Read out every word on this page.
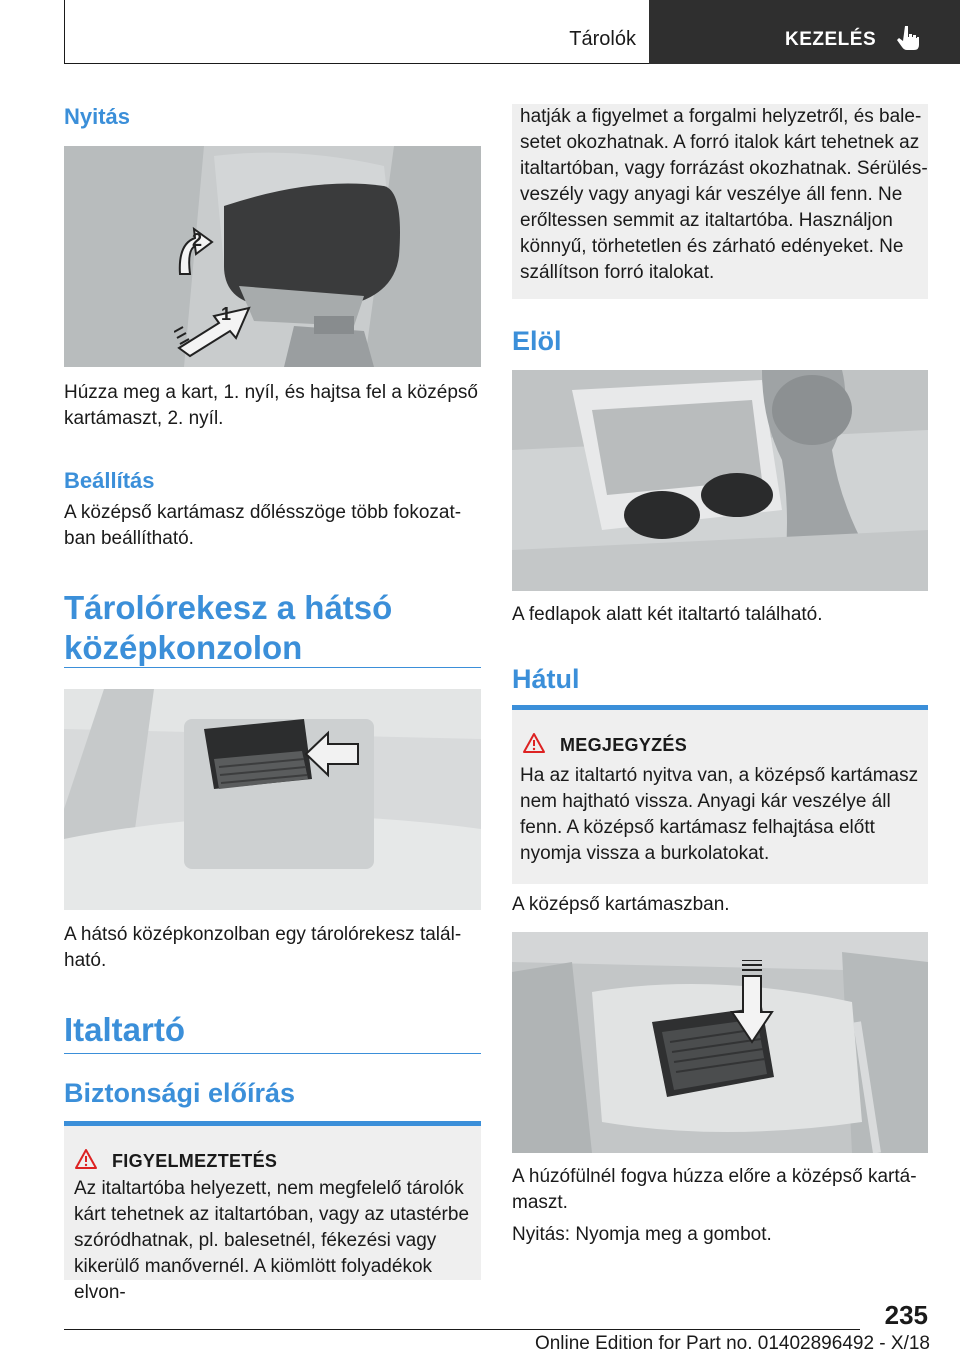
Tárolók	KEZELÉS
Nyitás
2
1
Húzza meg a kart, 1. nyíl, és hajtsa fel a középső kartámaszt, 2. nyíl.
Beállítás
A középső kartámasz dőlésszöge több fokozatban beállítható.
Tárolórekesz a hátsó középkonzolon
A hátsó középkonzolban egy tárolórekesz található.
Italtartó
Biztonsági előírás
FIGYELMEZTETÉS
Az italtartóba helyezett, nem megfelelő tárolók kárt tehetnek az italtartóban, vagy az utastérbe szóródhatnak, pl. balesetnél, fékezési vagy kikerülő manővernél. A kiömlött folyadékok elvon-
hatják a figyelmet a forgalmi helyzetről, és balesetet okozhatnak. A forró italok kárt tehetnek az italtartóban, vagy forrázást okozhatnak. Sérülésveszély vagy anyagi kár veszélye áll fenn. Ne erőltessen semmit az italtartóba. Használjon könnyű, törhetetlen és zárható edényeket. Ne szállítson forró italokat.
Elöl
A fedlapok alatt két italtartó található.
Hátul
MEGJEGYZÉS
Ha az italtartó nyitva van, a középső kartámasz nem hajtható vissza. Anyagi kár veszélye áll fenn. A középső kartámasz felhajtása előtt nyomja vissza a burkolatokat.
A középső kartámaszban.
A húzófülnél fogva húzza előre a középső kartámaszt.
Nyitás: Nyomja meg a gombot.
235
Online Edition for Part no. 01402896492 - X/18
